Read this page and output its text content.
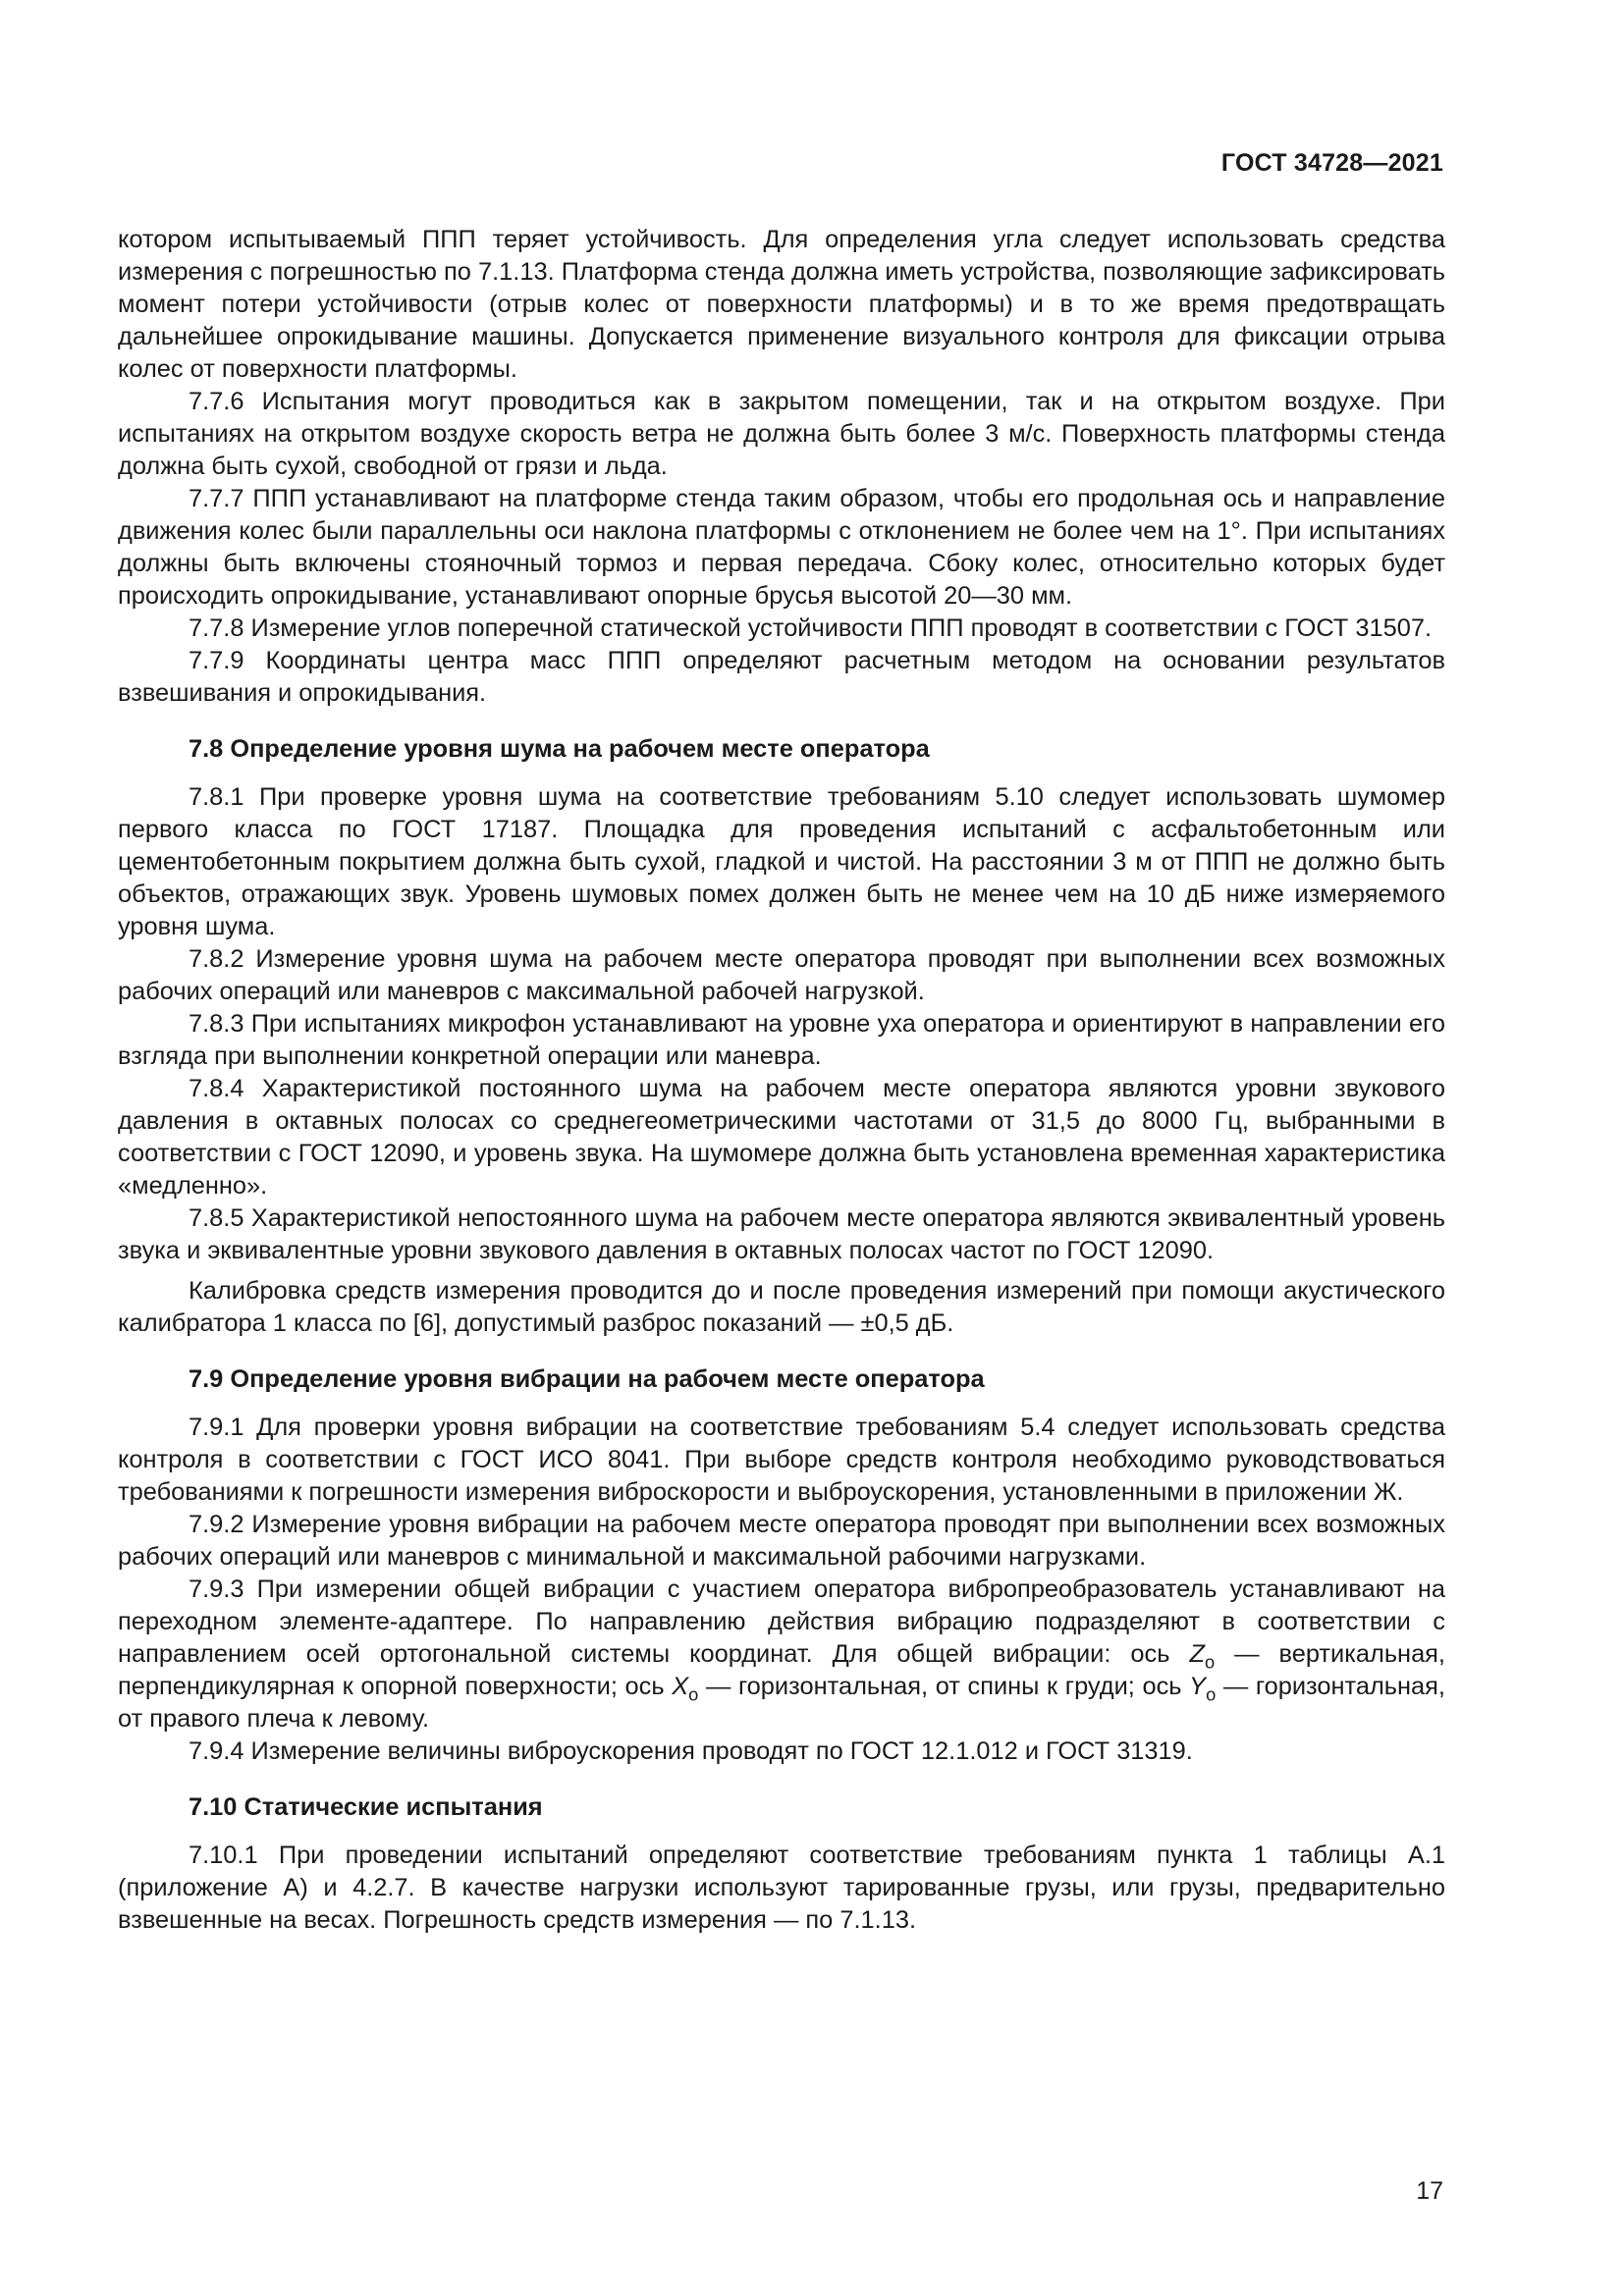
ГОСТ 34728—2021

котором испытываемый ППП теряет устойчивость. Для определения угла следует использовать средства измерения с погрешностью по 7.1.13. Платформа стенда должна иметь устройства, позволяющие зафиксировать момент потери устойчивости (отрыв колес от поверхности платформы) и в то же время предотвращать дальнейшее опрокидывание машины. Допускается применение визуального контроля для фиксации отрыва колес от поверхности платформы.

7.7.6 Испытания могут проводиться как в закрытом помещении, так и на открытом воздухе. При испытаниях на открытом воздухе скорость ветра не должна быть более 3 м/с. Поверхность платформы стенда должна быть сухой, свободной от грязи и льда.

7.7.7 ППП устанавливают на платформе стенда таким образом, чтобы его продольная ось и направление движения колес были параллельны оси наклона платформы с отклонением не более чем на 1°. При испытаниях должны быть включены стояночный тормоз и первая передача. Сбоку колес, относительно которых будет происходить опрокидывание, устанавливают опорные брусья высотой 20—30 мм.

7.7.8 Измерение углов поперечной статической устойчивости ППП проводят в соответствии с ГОСТ 31507.

7.7.9 Координаты центра масс ППП определяют расчетным методом на основании результатов взвешивания и опрокидывания.

7.8 Определение уровня шума на рабочем месте оператора

7.8.1 При проверке уровня шума на соответствие требованиям 5.10 следует использовать шумомер первого класса по ГОСТ 17187. Площадка для проведения испытаний с асфальтобетонным или цементобетонным покрытием должна быть сухой, гладкой и чистой. На расстоянии 3 м от ППП не должно быть объектов, отражающих звук. Уровень шумовых помех должен быть не менее чем на 10 дБ ниже измеряемого уровня шума.

7.8.2 Измерение уровня шума на рабочем месте оператора проводят при выполнении всех возможных рабочих операций или маневров с максимальной рабочей нагрузкой.

7.8.3 При испытаниях микрофон устанавливают на уровне уха оператора и ориентируют в направлении его взгляда при выполнении конкретной операции или маневра.

7.8.4 Характеристикой постоянного шума на рабочем месте оператора являются уровни звукового давления в октавных полосах со среднегеометрическими частотами от 31,5 до 8000 Гц, выбранными в соответствии с ГОСТ 12090, и уровень звука. На шумомере должна быть установлена временная характеристика «медленно».

7.8.5 Характеристикой непостоянного шума на рабочем месте оператора являются эквивалентный уровень звука и эквивалентные уровни звукового давления в октавных полосах частот по ГОСТ 12090.

Калибровка средств измерения проводится до и после проведения измерений при помощи акустического калибратора 1 класса по [6], допустимый разброс показаний — ±0,5 дБ.

7.9 Определение уровня вибрации на рабочем месте оператора

7.9.1 Для проверки уровня вибрации на соответствие требованиям 5.4 следует использовать средства контроля в соответствии с ГОСТ ИСО 8041. При выборе средств контроля необходимо руководствоваться требованиями к погрешности измерения виброскорости и выброускорения, установленными в приложении Ж.

7.9.2 Измерение уровня вибрации на рабочем месте оператора проводят при выполнении всех возможных рабочих операций или маневров с минимальной и максимальной рабочими нагрузками.

7.9.3 При измерении общей вибрации с участием оператора вибропреобразователь устанавливают на переходном элементе-адаптере. По направлению действия вибрацию подразделяют в соответствии с направлением осей ортогональной системы координат. Для общей вибрации: ось $Z_o$ — вертикальная, перпендикулярная к опорной поверхности; ось $X_o$ — горизонтальная, от спины к груди; ось $Y_o$ — горизонтальная, от правого плеча к левому.

7.9.4 Измерение величины виброускорения проводят по ГОСТ 12.1.012 и ГОСТ 31319.

7.10 Статические испытания

7.10.1 При проведении испытаний определяют соответствие требованиям пункта 1 таблицы А.1 (приложение А) и 4.2.7. В качестве нагрузки используют тарированные грузы, или грузы, предварительно взвешенные на весах. Погрешность средств измерения — по 7.1.13.

17
